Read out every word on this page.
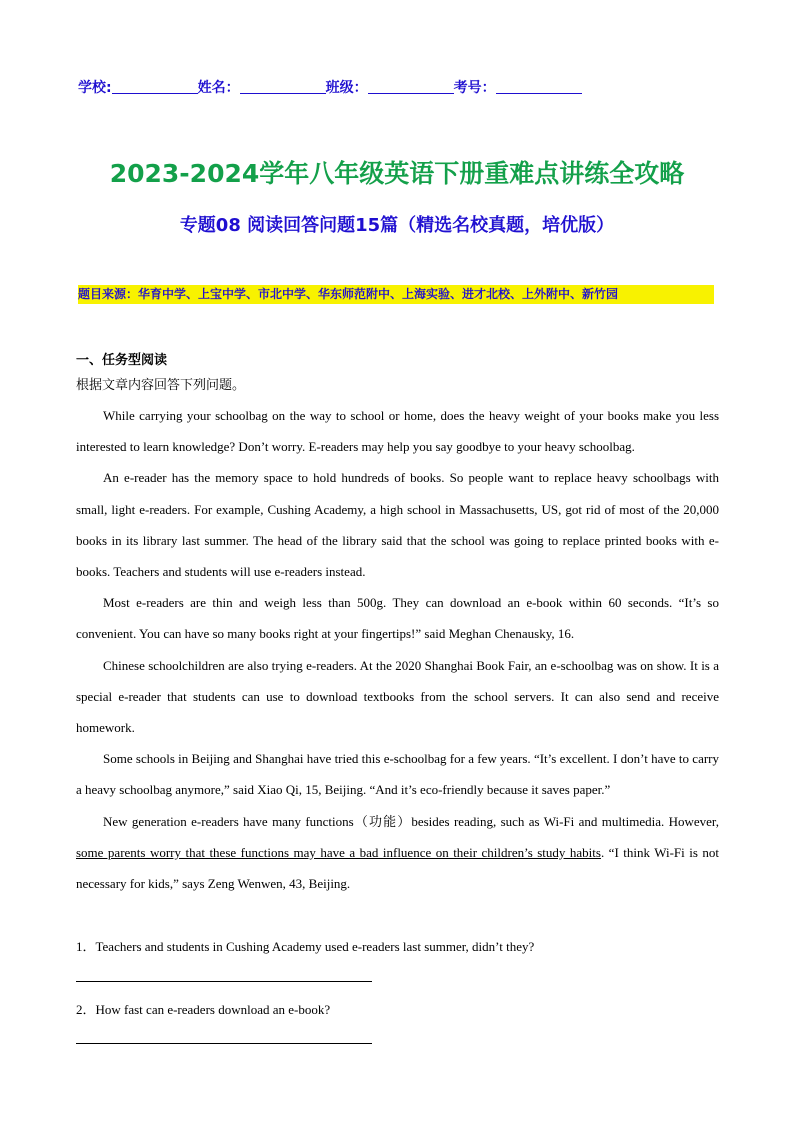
学校:	姓名：	班级：	考号：
2023-2024学年八年级英语下册重难点讲练全攻略
专题08 阅读回答问题15篇（精选名校真题，培优版）
题目来源：华育中学、上宝中学、市北中学、华东师范附中、上海实验、进才北校、上外附中、新竹园
一、任务型阅读
根据文章内容回答下列问题。

While carrying your schoolbag on the way to school or home, does the heavy weight of your books make you less interested to learn knowledge? Don’t worry. E-readers may help you say goodbye to your heavy schoolbag.

An e-reader has the memory space to hold hundreds of books. So people want to replace heavy schoolbags with small, light e-readers. For example, Cushing Academy, a high school in Massachusetts, US, got rid of most of the 20,000 books in its library last summer. The head of the library said that the school was going to replace printed books with e-books. Teachers and students will use e-readers instead.

Most e-readers are thin and weigh less than 500g. They can download an e-book within 60 seconds. “It’s so convenient. You can have so many books right at your fingertips!” said Meghan Chenausky, 16.

Chinese schoolchildren are also trying e-readers. At the 2020 Shanghai Book Fair, an e-schoolbag was on show. It is a special e-reader that students can use to download textbooks from the school servers. It can also send and receive homework.

Some schools in Beijing and Shanghai have tried this e-schoolbag for a few years. “It’s excellent. I don’t have to carry a heavy schoolbag anymore,” said Xiao Qi, 15, Beijing. “And it’s eco-friendly because it saves paper.”

New generation e-readers have many functions（功能）besides reading, such as Wi-Fi and multimedia. However, some parents worry that these functions may have a bad influence on their children’s study habits. “I think Wi-Fi is not necessary for kids,” says Zeng Wenwen, 43, Beijing.

1．Teachers and students in Cushing Academy used e-readers last summer, didn’t they?
2．How fast can e-readers download an e-book?
